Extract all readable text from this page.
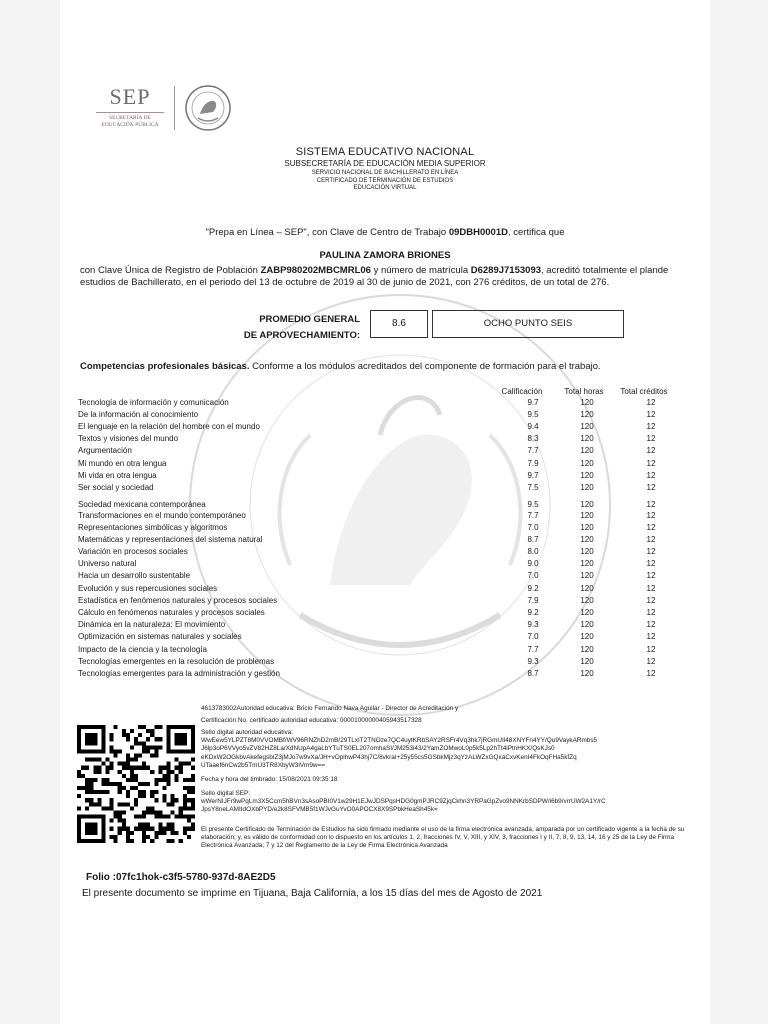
SEP
SECRETARÍA DE
EDUCACIÓN PÚBLICA
SISTEMA EDUCATIVO NACIONAL
SUBSECRETARÍA DE EDUCACIÓN MEDIA SUPERIOR
SERVICIO NACIONAL DE BACHILLERATO EN LÍNEA
CERTIFICADO DE TERMINACIÓN DE ESTUDIOS
EDUCACIÓN VIRTUAL
"Prepa en Línea – SEP", con Clave de Centro de Trabajo 09DBH0001D, certifica que
PAULINA ZAMORA BRIONES
con Clave Única de Registro de Población ZABP980202MBCMRL06 y número de matrícula D6289J7153093, acreditó totalmente el plande estudios de Bachillerato, en el periodo del 13 de octubre de 2019 al 30 de junio de 2021, con 276 créditos, de un total de 276.
PROMEDIO GENERAL
DE APROVECHAMIENTO:
8.6	OCHO PUNTO SEIS
Competencias profesionales básicas. Conforme a los módulos acreditados del componente de formación para el trabajo.
Calificación	Total horas	Total créditos
Tecnología de información y comunicación	9.7	120	12
De la información al conocimiento	9.5	120	12
El lenguaje en la relación del hombre con el mundo	9.4	120	12
Textos y visiones del mundo	8.3	120	12
Argumentación	7.7	120	12
Mi mundo en otra lengua	7.9	120	12
Mi vida en otra lengua	9.7	120	12
Ser social y sociedad	7.5	120	12
Sociedad mexicana contemporánea	9.5	120	12
Transformaciones en el mundo contemporáneo	7.7	120	12
Representaciones simbólicas y algoritmos	7.0	120	12
Matemáticas y representaciones del sistema natural	8.7	120	12
Variación en procesos sociales	8.0	120	12
Universo natural	9.0	120	12
Hacia un desarrollo sustentable	7.0	120	12
Evolución y sus repercusiones sociales	9.2	120	12
Estadística en fenómenos naturales y procesos sociales	7.9	120	12
Cálculo en fenómenos naturales y procesos sociales	9.2	120	12
Dinámica en la naturaleza: El movimiento	9.3	120	12
Optimización en sistemas naturales y sociales	7.0	120	12
Impacto de la ciencia y la tecnología	7.7	120	12
Tecnologías emergentes en la resolución de problemas	9.3	120	12
Tecnologías emergentes para la administración y gestión	8.7	120	12
4613783002Autoridad educativa: Bricio Fernando Nava Aguilar - Director de Acreditación y
Certificación No. certificado autoridad educativa: 00001000000405943517328
Sello digital autoridad educativa:
WwEew5YLPZT8M0VVOMBf/WV96RNZhD2mB/29TLxIT2TNOze7QC4uytKRbSAY2RSFr4Vq3hk7jRGmUIl48XNYFn4YY/Qu9VaykARmbs5
J6lp3oP6VVyo5vZV82HZ8La/XdNUpA4gaLbYTuTS0EL207omhaSI/JM253i43/2YamZOMwoL0p5k5Lp2hTt4iPtnHKX/QsKJs0
eKDxW2OGkbvAkefegsbIZ3jMJo7w9vXa/JH+vOpihwP43hj7C/8vkraI+25y55cs5GSbkMjz3qYzALWZxGQxaCxvKenI4FkOqFHa5kfZq
UTaaef6nCw2b5TmU3TR8XbyW3lVm9w==
Fecha y hora del timbrado: 15/08/2021 09:35:18
Sello digital SEP:
wWerNIJFr9wPqLm3X5Ccm5hBVn3sAsoPBI0V1w29H1EJwJDSPqsHDG0gmPJRC9ZjqCkhn3YRPaGpZvo9NNKrbSDPW/i6b9/vrrUW2A1Y/rC
JpsY8neLAMIIdOXbPYD/e2k8SFVMB5f1WJvGuYvO0APOCX8X9SPbkHeaSh45k=
El presente Certificado de Terminación de Estudios ha sido firmado mediante el uso de la firma electrónica avanzada, amparada por un certificado vigente a la fecha de su elaboración; y, es válido de conformidad con lo dispuesto en los artículos 1, 2, fracciones IV, V, XIII, y XIV, 3, fracciones I y II, 7, 8, 9, 13, 14, 16 y 25 de la Ley de Firma Electrónica Avanzada; 7 y 12 del Reglamento de la Ley de Firma Electrónica Avanzada
Folio :07fc1hok-c3f5-5780-937d-8AE2D5
El presente documento se imprime en Tijuana, Baja California, a los 15 días del mes de Agosto de 2021
